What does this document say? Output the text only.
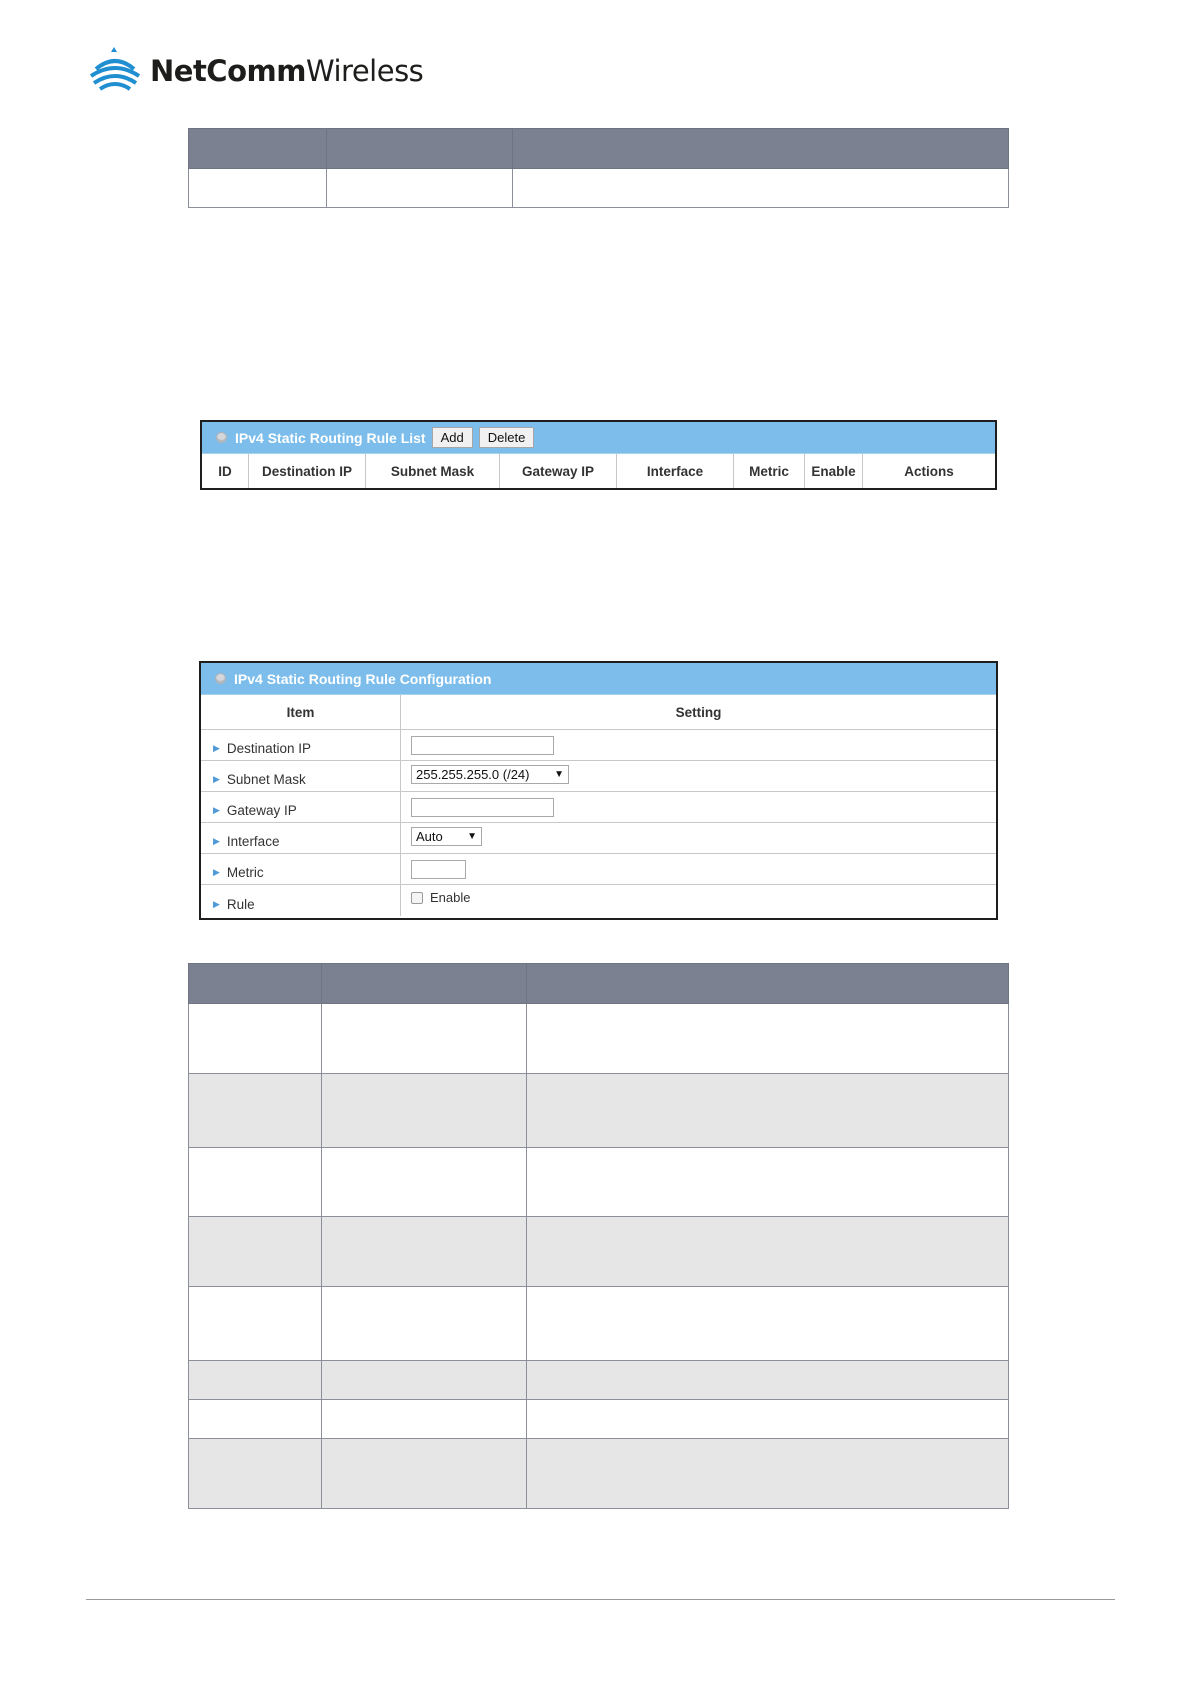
NetCommWireless

IPv4 Static Routing Rule List	Add	Delete
ID	Destination IP	Subnet Mask	Gateway IP	Interface	Metric	Enable	Actions
IPv4 Static Routing Rule Configuration
Item	Setting
▶ Destination IP
▶ Subnet Mask	255.255.255.0 (/24) ▼
▶ Gateway IP
▶ Interface	Auto ▼
▶ Metric
▶ Rule	Enable
